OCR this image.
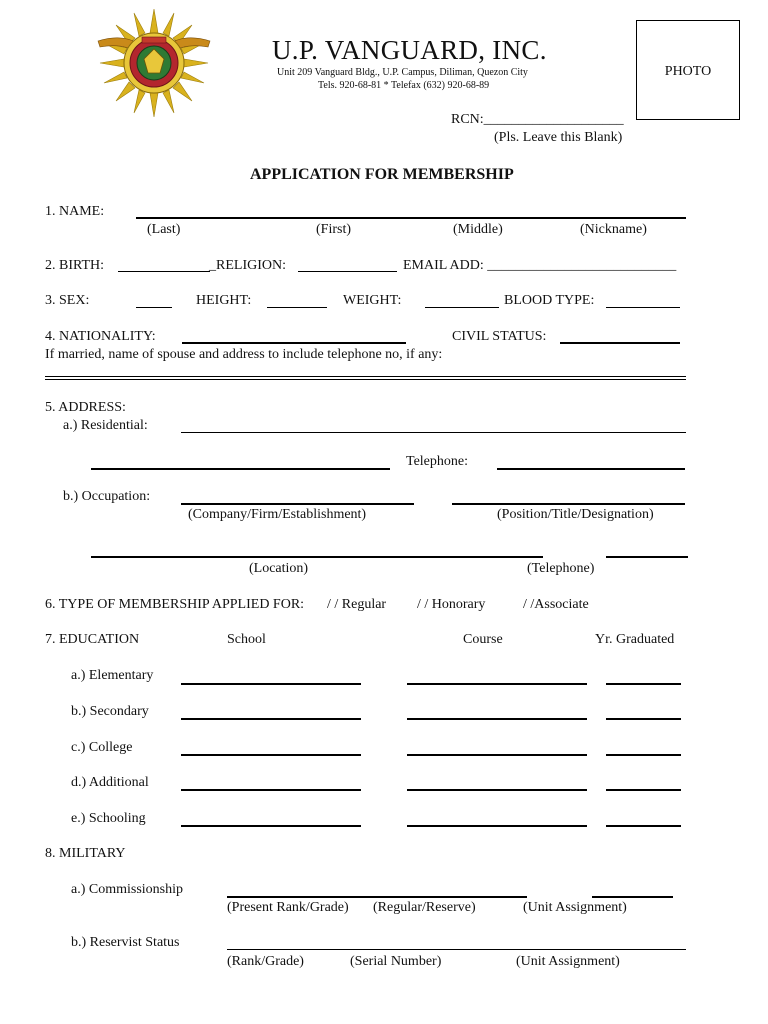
U.P. VANGUARD, INC.
Unit 209 Vanguard Bldg., U.P. Campus, Diliman, Quezon City
Tels. 920-68-81 * Telefax (632) 920-68-89
PHOTO
RCN:____________________
(Pls. Leave this Blank)
APPLICATION FOR MEMBERSHIP
1. NAME:
(Last)	(First)	(Middle)	(Nickname)
2. BIRTH:	_RELIGION:	EMAIL ADD: ___________________________
3. SEX:	HEIGHT:	WEIGHT:	BLOOD TYPE:
4. NATIONALITY:	CIVIL STATUS:
If married, name of spouse and address to include telephone no, if any:
5. ADDRESS:
a.) Residential:
Telephone:
b.) Occupation:
(Company/Firm/Establishment)	(Position/Title/Designation)
(Location)	(Telephone)
6. TYPE OF MEMBERSHIP APPLIED FOR: / / Regular / / Honorary	/ /Associate
7. EDUCATION	School	Course	Yr. Graduated
a.) Elementary
b.) Secondary
c.) College
d.) Additional
e.) Schooling
8. MILITARY
a.) Commissionship
(Present Rank/Grade) (Regular/Reserve)	(Unit Assignment)
b.) Reservist Status
(Rank/Grade)	(Serial Number)	(Unit Assignment)
